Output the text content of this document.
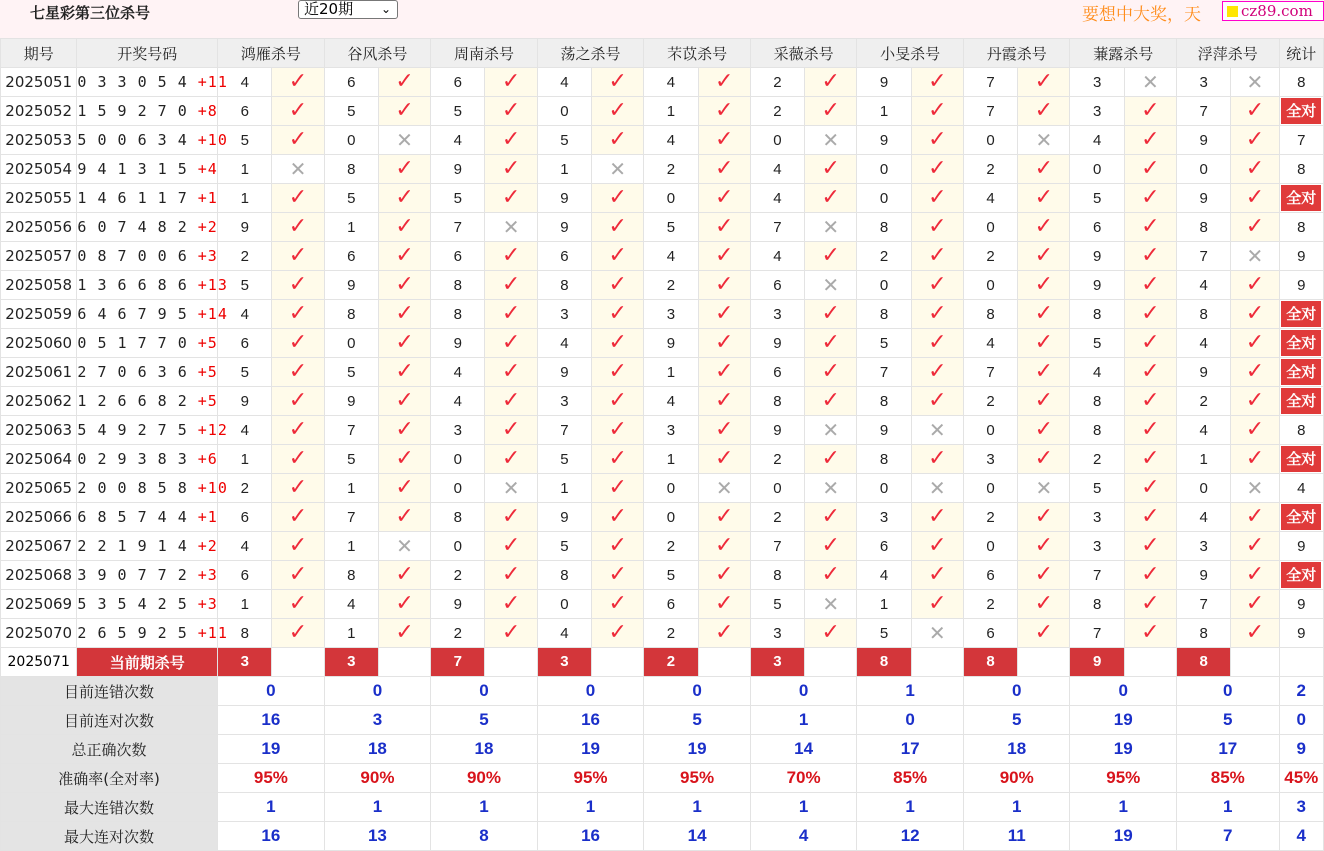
七星彩第三位杀号	近20期 ⌄	要想中大奖，天	cz89.com
期号	开奖号码	鸿雁杀号		谷风杀号		周南杀号		荡之杀号		芣苡杀号		采薇杀号		小旻杀号		丹霞杀号		蒹露杀号		浮萍杀号		统计
2025051	0 3 3 0 5 4 +11	4	✓	6	✓	6	✓	4	✓	4	✓	2	✓	9	✓	7	✓	3	✕	3	✕	8
2025052	1 5 9 2 7 0 +8	6	✓	5	✓	5	✓	0	✓	1	✓	2	✓	1	✓	7	✓	3	✓	7	✓	全对
2025053	5 0 0 6 3 4 +10	5	✓	0	✕	4	✓	5	✓	4	✓	0	✕	9	✓	0	✕	4	✓	9	✓	7
2025054	9 4 1 3 1 5 +4	1	✕	8	✓	9	✓	1	✕	2	✓	4	✓	0	✓	2	✓	0	✓	0	✓	8
2025055	1 4 6 1 1 7 +1	1	✓	5	✓	5	✓	9	✓	0	✓	4	✓	0	✓	4	✓	5	✓	9	✓	全对
2025056	6 0 7 4 8 2 +2	9	✓	1	✓	7	✕	9	✓	5	✓	7	✕	8	✓	0	✓	6	✓	8	✓	8
2025057	0 8 7 0 0 6 +3	2	✓	6	✓	6	✓	6	✓	4	✓	4	✓	2	✓	2	✓	9	✓	7	✕	9
2025058	1 3 6 6 8 6 +13	5	✓	9	✓	8	✓	8	✓	2	✓	6	✕	0	✓	0	✓	9	✓	4	✓	9
2025059	6 4 6 7 9 5 +14	4	✓	8	✓	8	✓	3	✓	3	✓	3	✓	8	✓	8	✓	8	✓	8	✓	全对
2025060	0 5 1 7 7 0 +5	6	✓	0	✓	9	✓	4	✓	9	✓	9	✓	5	✓	4	✓	5	✓	4	✓	全对
2025061	2 7 0 6 3 6 +5	5	✓	5	✓	4	✓	9	✓	1	✓	6	✓	7	✓	7	✓	4	✓	9	✓	全对
2025062	1 2 6 6 8 2 +5	9	✓	9	✓	4	✓	3	✓	4	✓	8	✓	8	✓	2	✓	8	✓	2	✓	全对
2025063	5 4 9 2 7 5 +12	4	✓	7	✓	3	✓	7	✓	3	✓	9	✕	9	✕	0	✓	8	✓	4	✓	8
2025064	0 2 9 3 8 3 +6	1	✓	5	✓	0	✓	5	✓	1	✓	2	✓	8	✓	3	✓	2	✓	1	✓	全对
2025065	2 0 0 8 5 8 +10	2	✓	1	✓	0	✕	1	✓	0	✕	0	✕	0	✕	0	✕	5	✓	0	✕	4
2025066	6 8 5 7 4 4 +1	6	✓	7	✓	8	✓	9	✓	0	✓	2	✓	3	✓	2	✓	3	✓	4	✓	全对
2025067	2 2 1 9 1 4 +2	4	✓	1	✕	0	✓	5	✓	2	✓	7	✓	6	✓	0	✓	3	✓	3	✓	9
2025068	3 9 0 7 7 2 +3	6	✓	8	✓	2	✓	8	✓	5	✓	8	✓	4	✓	6	✓	7	✓	9	✓	全对
2025069	5 3 5 4 2 5 +3	1	✓	4	✓	9	✓	0	✓	6	✓	5	✕	1	✓	2	✓	8	✓	7	✓	9
2025070	2 6 5 9 2 5 +11	8	✓	1	✓	2	✓	4	✓	2	✓	3	✓	5	✕	6	✓	7	✓	8	✓	9
2025071	当前期杀号	3		3		7		3		2		3		8		8		9		8		

目前连错次数		0		0		0		0		0		0		1		0		0		0		2
目前连对次数		16		3		5		16		5		1		0		5		19		5		0
总正确次数		19		18		18		19		19		14		17		18		19		17		9
准确率(全对率)		95%		90%		90%		95%		95%		70%		85%		90%		95%		85%		45%
最大连错次数		1		1		1		1		1		1		1		1		1		1		3
最大连对次数		16		13		8		16		14		4		12		11		19		7		4
